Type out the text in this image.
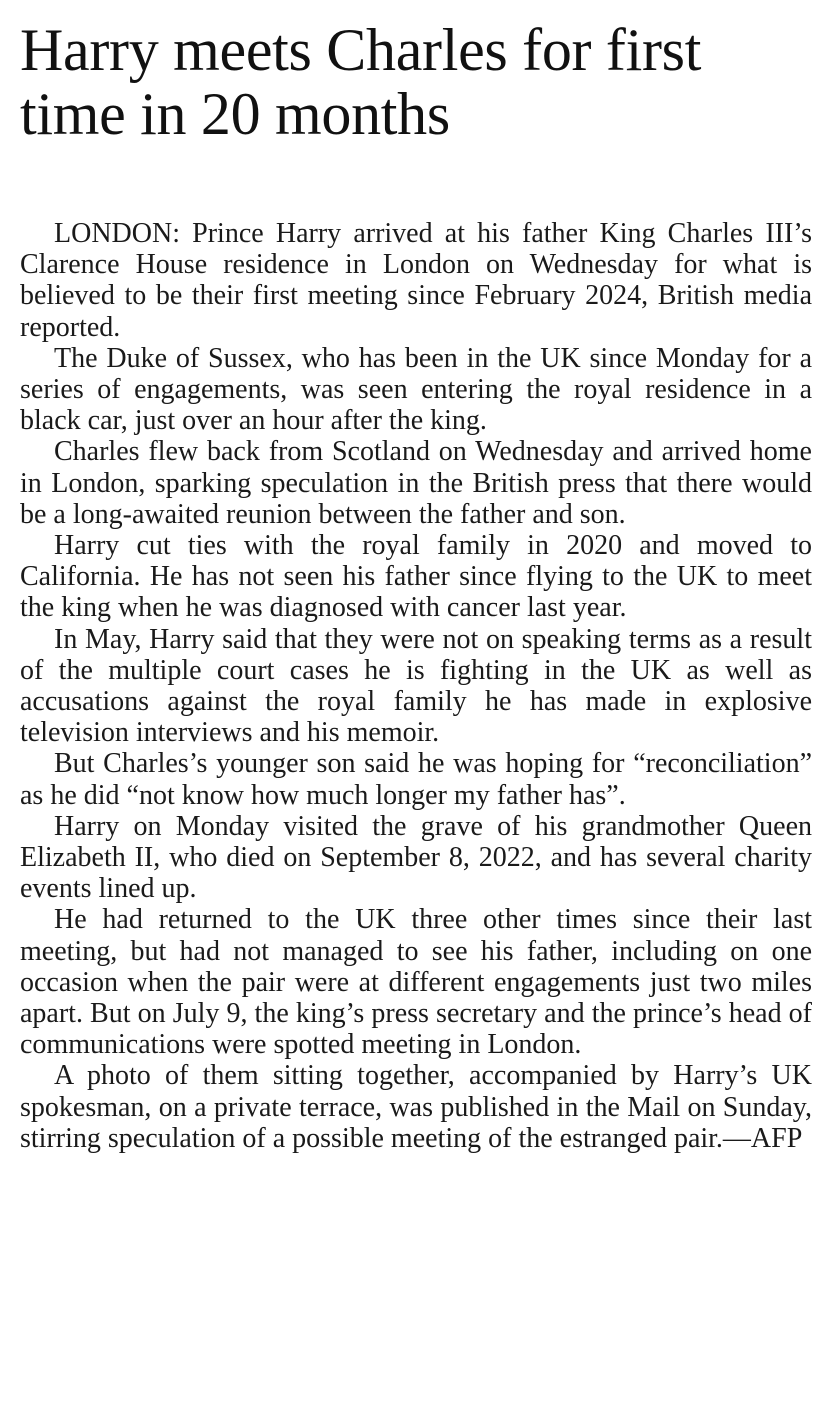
Harry meets Charles for first time in 20 months

LONDON: Prince Harry arrived at his father King Charles III’s Clarence House residence in London on Wednesday for what is believed to be their first meeting since February 2024, British media reported.

The Duke of Sussex, who has been in the UK since Monday for a series of engagements, was seen entering the royal residence in a black car, just over an hour after the king.

Charles flew back from Scotland on Wednesday and arrived home in London, sparking speculation in the British press that there would be a long-awaited reunion between the father and son.

Harry cut ties with the royal family in 2020 and moved to California. He has not seen his father since flying to the UK to meet the king when he was diagnosed with cancer last year.

In May, Harry said that they were not on speaking terms as a result of the multiple court cases he is fighting in the UK as well as accusations against the royal family he has made in explosive television interviews and his memoir.

But Charles’s younger son said he was hoping for “reconciliation” as he did “not know how much longer my father has”.

Harry on Monday visited the grave of his grandmother Queen Elizabeth II, who died on September 8, 2022, and has several charity events lined up.

He had returned to the UK three other times since their last meeting, but had not managed to see his father, including on one occasion when the pair were at different engagements just two miles apart. But on July 9, the king’s press secretary and the prince’s head of communications were spotted meeting in London.

A photo of them sitting together, accompanied by Harry’s UK spokesman, on a private terrace, was published in the Mail on Sunday, stirring speculation of a possible meeting of the estranged pair.—AFP
